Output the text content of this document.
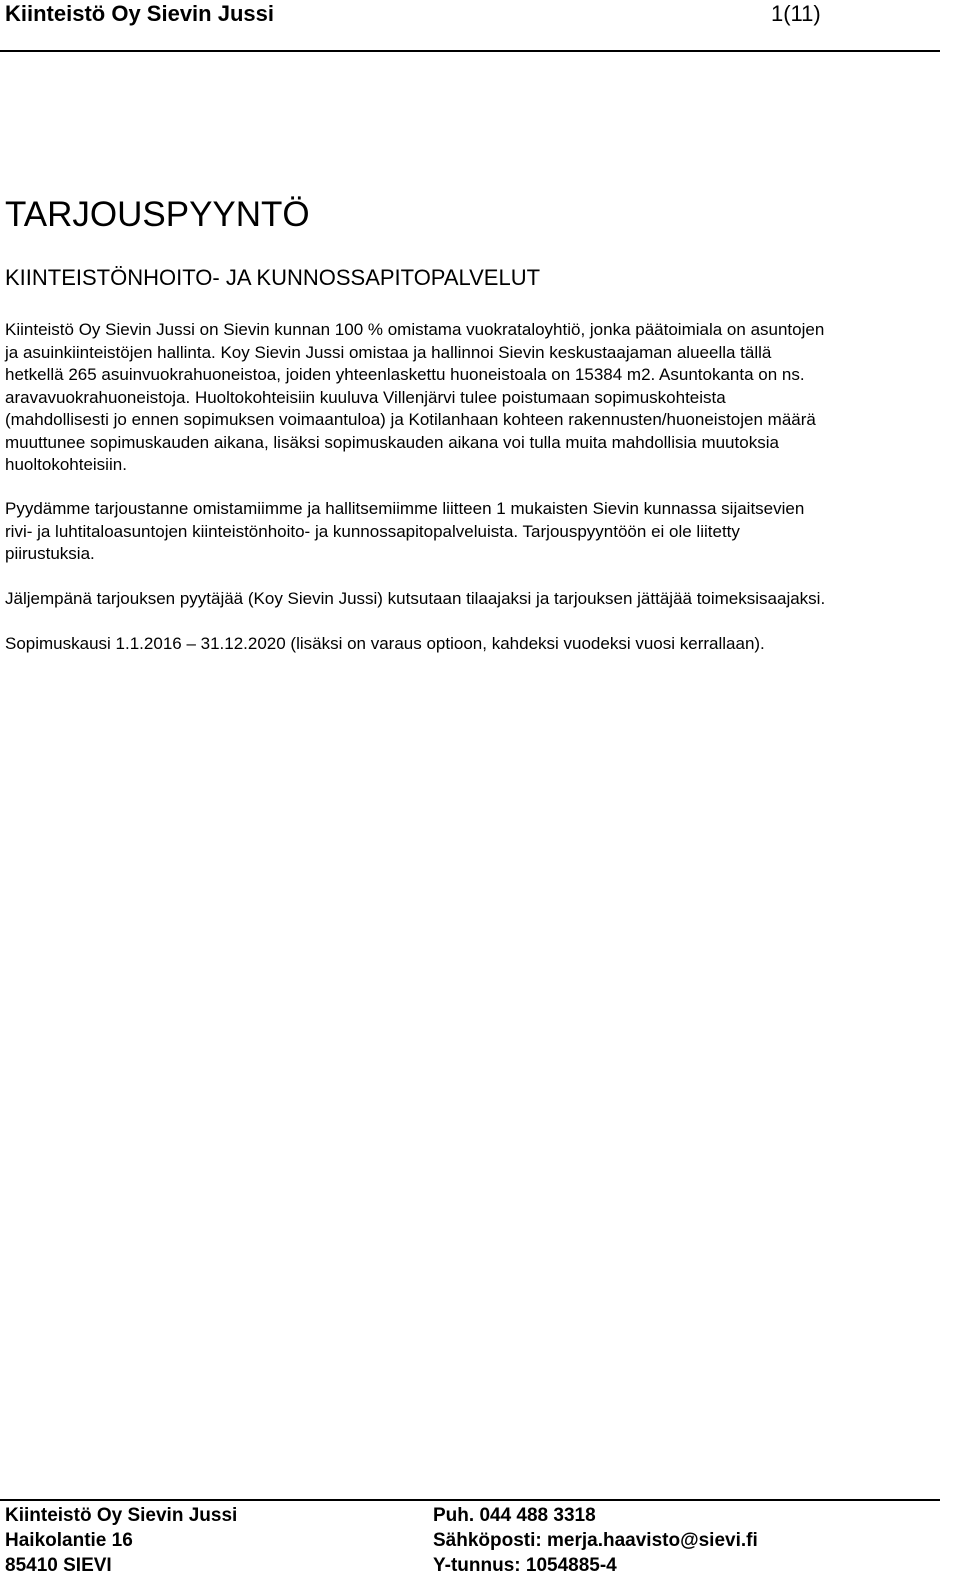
Kiinteistö Oy Sievin Jussi	1(11)
TARJOUSPYYNTÖ
KIINTEISTÖNHOITO- JA KUNNOSSAPITOPALVELUT
Kiinteistö Oy Sievin Jussi on Sievin kunnan 100 % omistama vuokrataloyhtiö, jonka päätoimiala on asuntojen
ja asuinkiinteistöjen hallinta. Koy Sievin Jussi omistaa ja hallinnoi Sievin keskustaajaman alueella tällä
hetkellä 265 asuinvuokrahuoneistoa, joiden yhteenlaskettu huoneistoala on 15384 m2. Asuntokanta on ns.
aravavuokrahuoneistoja. Huoltokohteisiin kuuluva Villenjärvi tulee poistumaan sopimuskohteista
(mahdollisesti jo ennen sopimuksen voimaantuloa) ja Kotilanhaan kohteen rakennusten/huoneistojen määrä
muuttunee sopimuskauden aikana, lisäksi sopimuskauden aikana voi tulla muita mahdollisia muutoksia
huoltokohteisiin.
Pyydämme tarjoustanne omistamiimme ja hallitsemiimme liitteen 1 mukaisten Sievin kunnassa sijaitsevien
rivi- ja luhtitaloasuntojen kiinteistönhoito- ja kunnossapitopalveluista. Tarjouspyyntöön ei ole liitetty
piirustuksia.
Jäljempänä tarjouksen pyytäjää (Koy Sievin Jussi) kutsutaan tilaajaksi ja tarjouksen jättäjää toimeksisaajaksi.
Sopimuskausi 1.1.2016 – 31.12.2020 (lisäksi on varaus optioon, kahdeksi vuodeksi vuosi kerrallaan).
Kiinteistö Oy Sievin Jussi
Haikolantie 16
85410 SIEVI
Puh. 044 488 3318
Sähköposti: merja.haavisto@sievi.fi
Y-tunnus: 1054885-4
